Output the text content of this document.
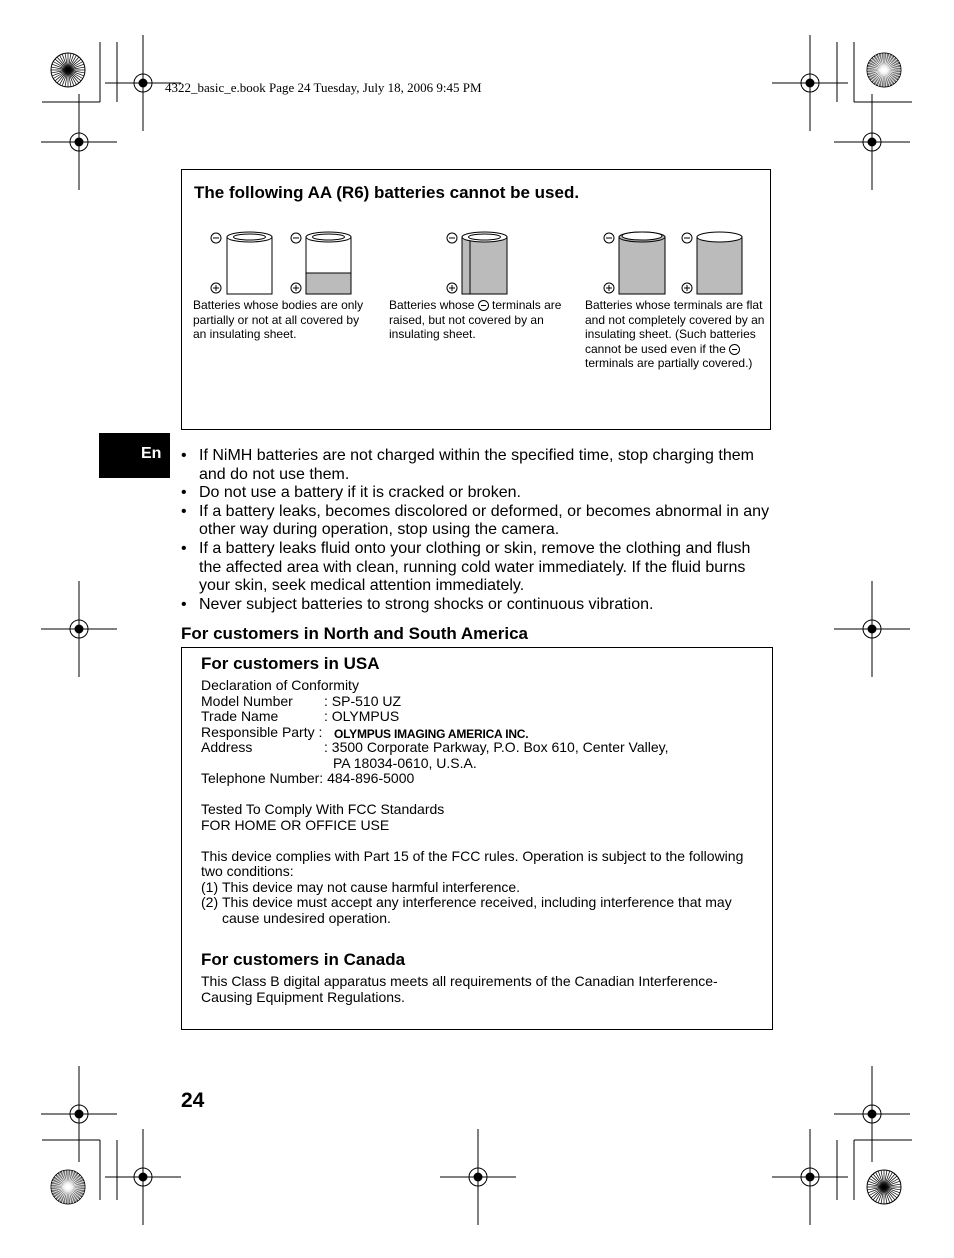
4322_basic_e.book Page 24 Tuesday, July 18, 2006 9:45 PM
The following AA (R6) batteries cannot be used.
Batteries whose bodies are only partially or not at all covered by an insulating sheet.
Batteries whose  terminals are raised, but not covered by an insulating sheet.
Batteries whose terminals are flat and not completely covered by an insulating sheet. (Such batteries cannot be used even if the  terminals are partially covered.)
En
•	If NiMH batteries are not charged within the specified time, stop charging them and do not use them.
• Do not use a battery if it is cracked or broken.
• If a battery leaks, becomes discolored or deformed, or becomes abnormal in any other way during operation, stop using the camera.
• If a battery leaks fluid onto your clothing or skin, remove the clothing and flush the affected area with clean, running cold water immediately. If the fluid burns your skin, seek medical attention immediately.
• Never subject batteries to strong shocks or continuous vibration.
For customers in North and South America
For customers in USA
Declaration of Conformity
Model Number : SP-510 UZ
Trade Name	: OLYMPUS
Responsible Party : OLYMPUS IMAGING AMERICA INC.
Address	: 3500 Corporate Parkway, P.O. Box 610, Center Valley,
PA 18034-0610, U.S.A.
Telephone Number: 484-896-5000
Tested To Comply With FCC Standards
FOR HOME OR OFFICE USE
This device complies with Part 15 of the FCC rules. Operation is subject to the following two conditions:
(1) This device may not cause harmful interference.
(2) This device must accept any interference received, including interference that may cause undesired operation.
For customers in Canada
This Class B digital apparatus meets all requirements of the Canadian Interference-Causing Equipment Regulations.
24
